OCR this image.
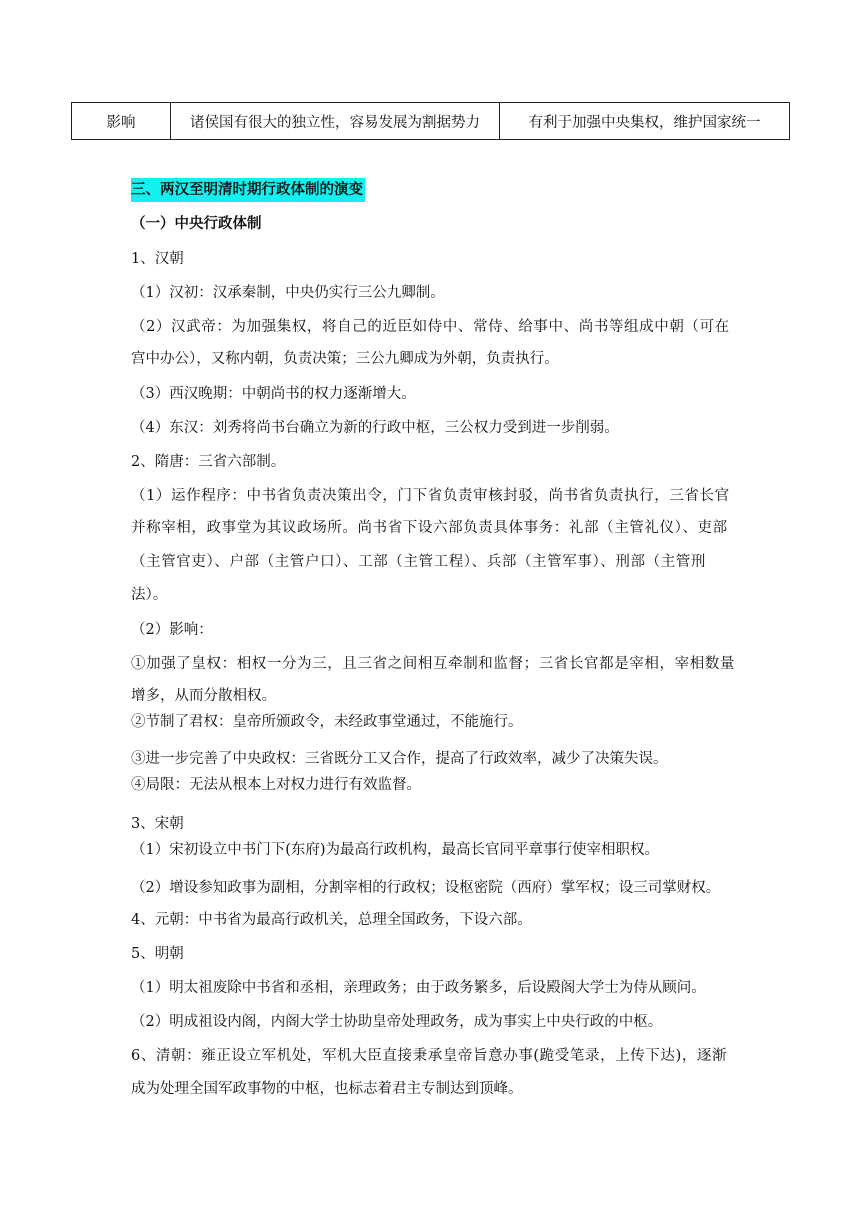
影响	诸侯国有很大的独立性，容易发展为割据势力	有利于加强中央集权，维护国家统一
三、两汉至明清时期行政体制的演变
（一）中央行政体制
1、汉朝
（1）汉初：汉承秦制，中央仍实行三公九卿制。
（2）汉武帝：为加强集权，将自己的近臣如侍中、常侍、给事中、尚书等组成中朝（可在
宫中办公），又称内朝，负责决策；三公九卿成为外朝，负责执行。
（3）西汉晚期：中朝尚书的权力逐渐增大。
（4）东汉：刘秀将尚书台确立为新的行政中枢，三公权力受到进一步削弱。
2、隋唐：三省六部制。
（1）运作程序：中书省负责决策出令，门下省负责审核封驳，尚书省负责执行，三省长官
并称宰相，政事堂为其议政场所。尚书省下设六部负责具体事务：礼部（主管礼仪）、吏部
（主管官吏）、户部（主管户口）、工部（主管工程）、兵部（主管军事）、刑部（主管刑
法）。
（2）影响：
①加强了皇权：相权一分为三，且三省之间相互牵制和监督；三省长官都是宰相，宰相数量
增多，从而分散相权。
②节制了君权：皇帝所颁政令，未经政事堂通过，不能施行。
③进一步完善了中央政权：三省既分工又合作，提高了行政效率，减少了决策失误。
④局限：无法从根本上对权力进行有效监督。
3、宋朝
（1）宋初设立中书门下(东府)为最高行政机构，最高长官同平章事行使宰相职权。
（2）增设参知政事为副相，分割宰相的行政权；设枢密院（西府）掌军权；设三司掌财权。
4、元朝：中书省为最高行政机关，总理全国政务，下设六部。
5、明朝
（1）明太祖废除中书省和丞相，亲理政务；由于政务繁多，后设殿阁大学士为侍从顾问。
（2）明成祖设内阁，内阁大学士协助皇帝处理政务，成为事实上中央行政的中枢。
6、清朝：雍正设立军机处，军机大臣直接秉承皇帝旨意办事(跪受笔录，上传下达)，逐渐
成为处理全国军政事物的中枢，也标志着君主专制达到顶峰。
